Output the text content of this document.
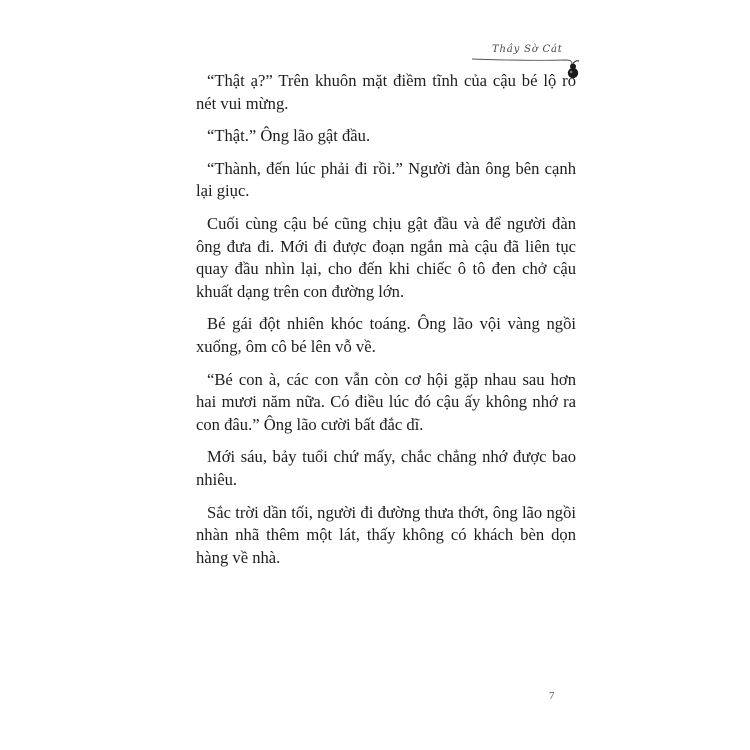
Thầy Sờ Cát

“Thật ạ?” Trên khuôn mặt điềm tĩnh của cậu bé lộ rõ nét vui mừng.

“Thật.” Ông lão gật đầu.

“Thành, đến lúc phải đi rồi.” Người đàn ông bên cạnh lại giục.

Cuối cùng cậu bé cũng chịu gật đầu và để người đàn ông đưa đi. Mới đi được đoạn ngắn mà cậu đã liên tục quay đầu nhìn lại, cho đến khi chiếc ô tô đen chở cậu khuất dạng trên con đường lớn.

Bé gái đột nhiên khóc toáng. Ông lão vội vàng ngồi xuống, ôm cô bé lên vỗ về.

“Bé con à, các con vẫn còn cơ hội gặp nhau sau hơn hai mươi năm nữa. Có điều lúc đó cậu ấy không nhớ ra con đâu.” Ông lão cười bất đắc dĩ.

Mới sáu, bảy tuổi chứ mấy, chắc chẳng nhớ được bao nhiêu.

Sắc trời dần tối, người đi đường thưa thớt, ông lão ngồi nhàn nhã thêm một lát, thấy không có khách bèn dọn hàng về nhà.

7
